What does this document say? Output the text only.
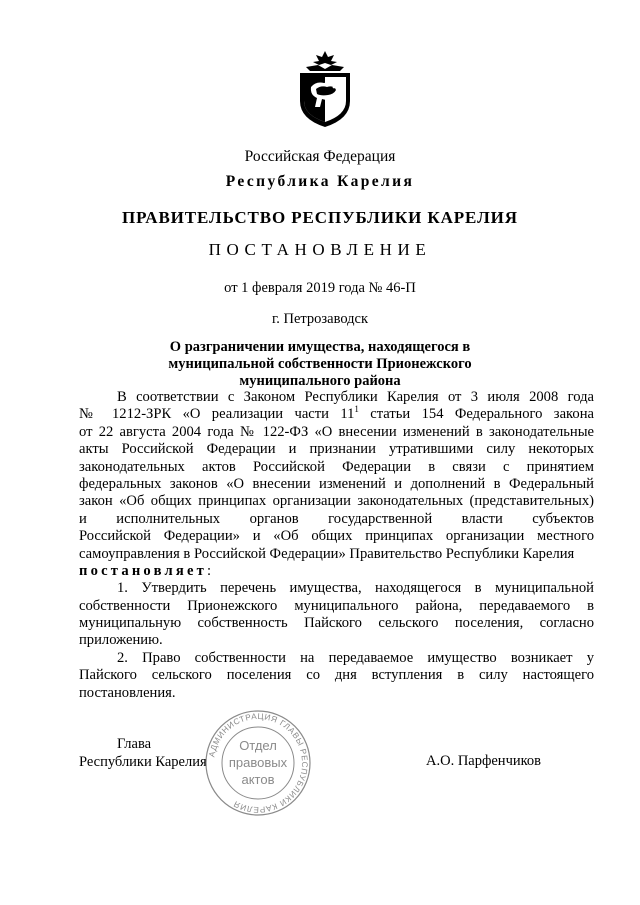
Российская Федерация
Республика Карелия
ПРАВИТЕЛЬСТВО РЕСПУБЛИКИ КАРЕЛИЯ
ПОСТАНОВЛЕНИЕ
от 1 февраля 2019 года № 46-П
г. Петрозаводск
О разграничении имущества, находящегося в муниципальной собственности Прионежского муниципального района
В соответствии с Законом Республики Карелия от 3 июля 2008 года
№ 1212-ЗРК «О реализации части $11^1$ статьи 154 Федерального закона
от 22 августа 2004 года № 122-ФЗ «О внесении изменений в законодательные
акты Российской Федерации и признании утратившими силу некоторых
законодательных актов Российской Федерации в связи с принятием
федеральных законов «О внесении изменений и дополнений в Федеральный
закон «Об общих принципах организации законодательных (представительных)
и исполнительных органов государственной власти субъектов
Российской Федерации» и «Об общих принципах организации местного
самоуправления в Российской Федерации» Правительство Республики Карелия
постановляет:
1. Утвердить перечень имущества, находящегося в муниципальной
собственности Прионежского муниципального района, передаваемого в
муниципальную собственность Пайского сельского поселения, согласно
приложению.
2. Право собственности на передаваемое имущество возникает у
Пайского сельского поселения со дня вступления в силу настоящего
постановления.
Глава
Республики Карелия	А.О. Парфенчиков
АДМИНИСТРАЦИЯ ГЛАВЫ РЕСПУБЛИКИ КАРЕЛИЯ
Отдел
правовых
актов
